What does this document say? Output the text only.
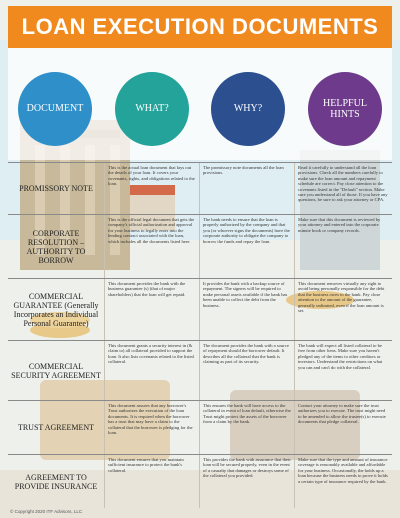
LOAN EXECUTION DOCUMENTS
DOCUMENT	WHAT?	WHY?
HELPFUL HINTS
PROMISSORY NOTE
This is the actual loan document that lays out the details of your loan. It covers your covenants, rights, and obligations related to the loan.
The promissory note documents all the loan provisions.
Read it carefully to understand all the loan provisions. Check all the numbers carefully to make sure the loan amount and repayment schedule are correct. Pay close attention to the covenants listed in the "Default" section. Make sure you understand all of those. If you have any questions, be sure to ask your attorney or CPA.
CORPORATE RESOLUTION – AUTHORITY TO BORROW
This is the official legal document that gets the company's official authorization and approval for your business to legally enter into the lending contract associated with the loan, which includes all the documents listed here.
The bank needs to ensure that the loan is properly authorized by the company and that you (or whoever signs the documents) have the corporate authority to obligate the company to borrow the funds and repay the loan.
Make sure that this document is reviewed by your attorney and entered into the corporate minute book or company records.
COMMERCIAL GUARANTEE (Generally Incorporates an Individual Personal Guarantee)
This document provides the bank with the business guarantee (s) (that of major shareholders) that the loan will get repaid.
It provides the bank with a backup source of repayment. The signers will be required to make personal assets available if the bank has been unable to collect the debt from the business.
This document removes virtually any right to avoid being personally responsible for the debt that the business owes to the bank. Pay close attention to the amount of the guarantee, generally unlimited, even if the loan amount is set.
COMMERCIAL SECURITY AGREEMENT
This document grants a security interest in (& claim to) all collateral provided to support the loan. It also lists covenants related to the listed collateral.
The document provides the bank with a source of repayment should the borrower default. It describes all the collateral that the bank is claiming as part of its security.
The bank will expect all listed collateral to be free from other liens. Make sure you haven't pledged any of the items to other creditors or investors. Understand the restrictions on what you can and can't do with the collateral.
TRUST AGREEMENT
This document assures that any borrower's Trust authorizes the execution of the loan documents. It is required when the borrower has a trust that may have a claim to the collateral that the borrower is pledging for the loan.
This ensures the bank will have access to the collateral in event of loan default, otherwise the Trust might protect the assets of the borrower from a claim by the bank.
Contact your attorney to make sure the trust authorizes you to execute. The trust might need to be amended to allow the trustee(s) to execute documents that pledge collateral.
AGREEMENT TO PROVIDE INSURANCE
This document ensures that you maintain sufficient insurance to protect the bank's collateral.
This provides the bank with assurance that their loan will be secured properly, even in the event of a casualty that damages or destroys some of the collateral you provided.
Make sure that the type and amount of insurance coverage is reasonably available and affordable for your business. Occasionally, the holds up a loan because the business needs to prove it holds a certain type of insurance required by the bank.
© Copyright 2020 ITF Advisors, LLC
